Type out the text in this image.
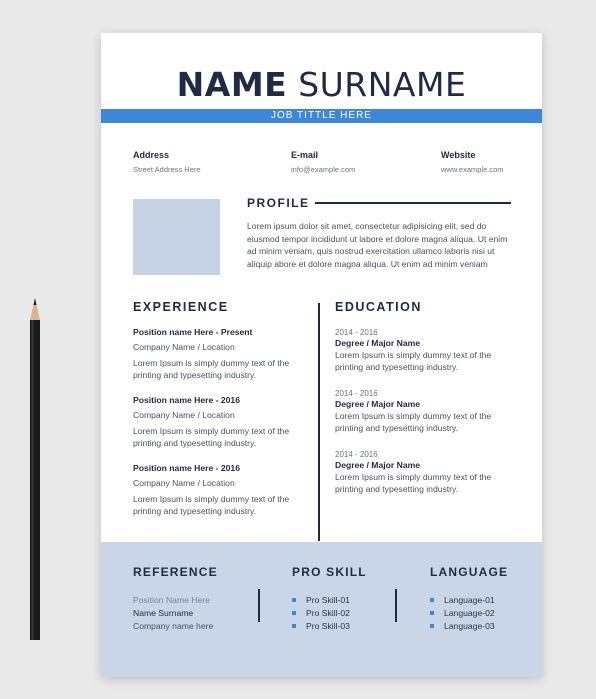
NAME SURNAME
JOB TITTLE HERE
Address
Street Address Here
E-mail
info@example.com
Website
www.example.com
PROFILE
Lorem ipsum dolor sit amet, consectetur adipisicing elit, sed do eiusmod tempor incididunt ut labore et dolore magna aliqua. Ut enim ad minim veniam, quis nostrud exercitation ullamco laboris nisi ut aliquip abore et dolore magna aliqua. Ut enim ad minim veniam
EXPERIENCE	EDUCATION
Position name Here - Present
Company Name / Location
Lorem Ipsum is simply dummy text of the printing and typesetting industry.
Position name Here - 2016
Company Name / Location
Lorem Ipsum is simply dummy text of the printing and typesetting industry.
Position name Here - 2016
Company Name / Location
Lorem Ipsum is simply dummy text of the printing and typesetting industry.
2014 - 2016
Degree / Major Name
Lorem Ipsum is simply dummy text of the printing and typesetting industry.
2014 - 2016
Degree / Major Name
Lorem Ipsum is simply dummy text of the printing and typesetting industry.
2014 - 2016
Degree / Major Name
Lorem Ipsum is simply dummy text of the printing and typesetting industry.
REFERENCE
Position Name Here
Name Surname
Company name here
PRO SKILL
Pro Skill-01
Pro Skill-02
Pro Skill-03
LANGUAGE
Language-01
Language-02
Language-03
